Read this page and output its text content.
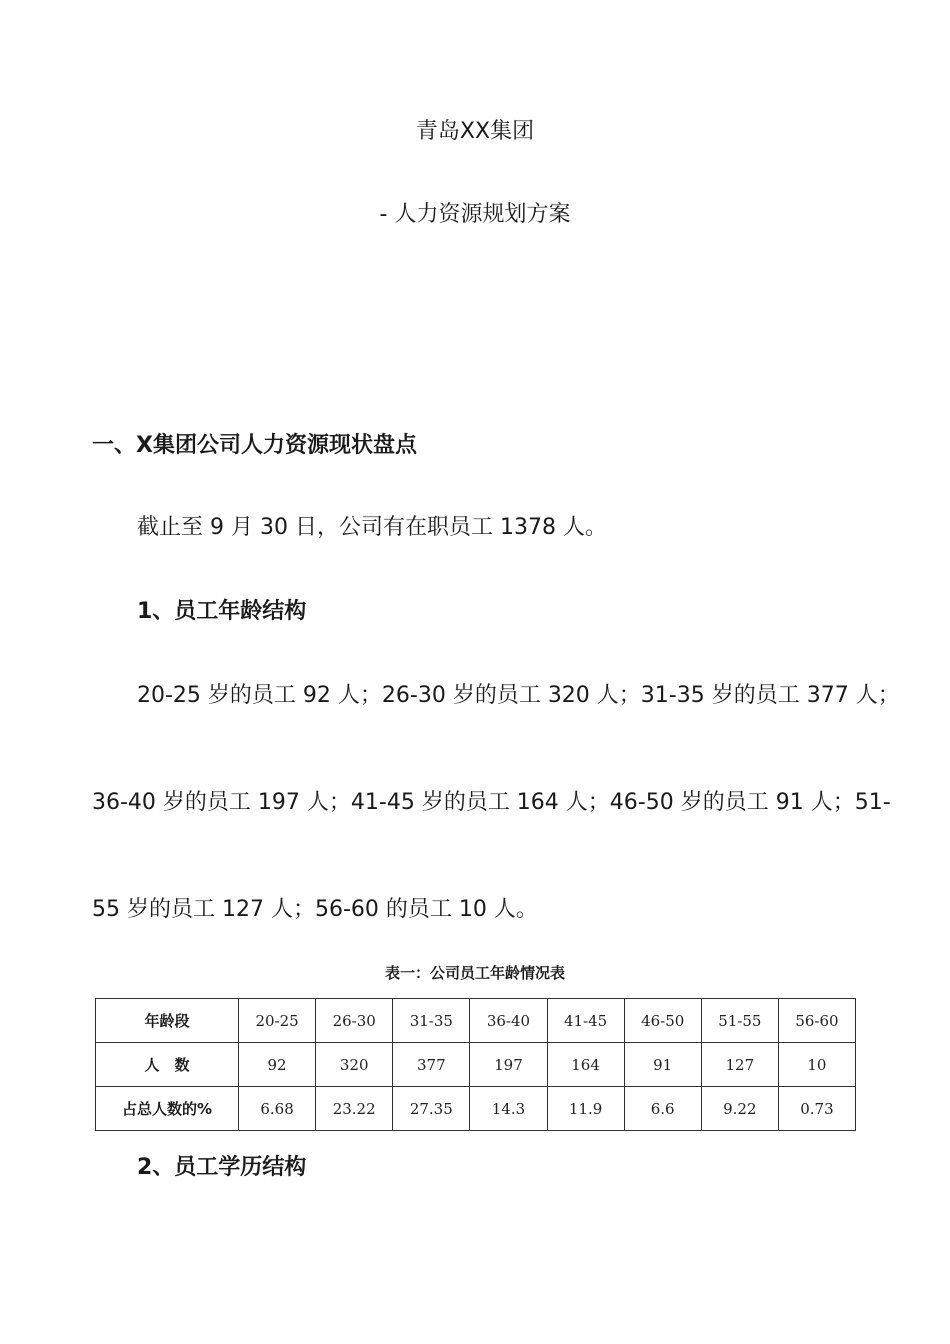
青岛XX集团
- 人力资源规划方案
一、X集团公司人力资源现状盘点
截止至 9 月 30 日，公司有在职员工 1378 人。
1、员工年龄结构
20-25 岁的员工 92 人；26-30 岁的员工 320 人；31-35 岁的员工 377 人；
36-40 岁的员工 197 人；41-45 岁的员工 164 人；46-50 岁的员工 91 人；51-
55 岁的员工 127 人；56-60 的员工 10 人。
表一：公司员工年龄情况表
年龄段	20-25	26-30	31-35	36-40	41-45	46-50	51-55	56-60
人　数	92	320	377	197	164	91	127	10
占总人数的%	6.68	23.22	27.35	14.3	11.9	6.6	9.22	0.73
2、员工学历结构
